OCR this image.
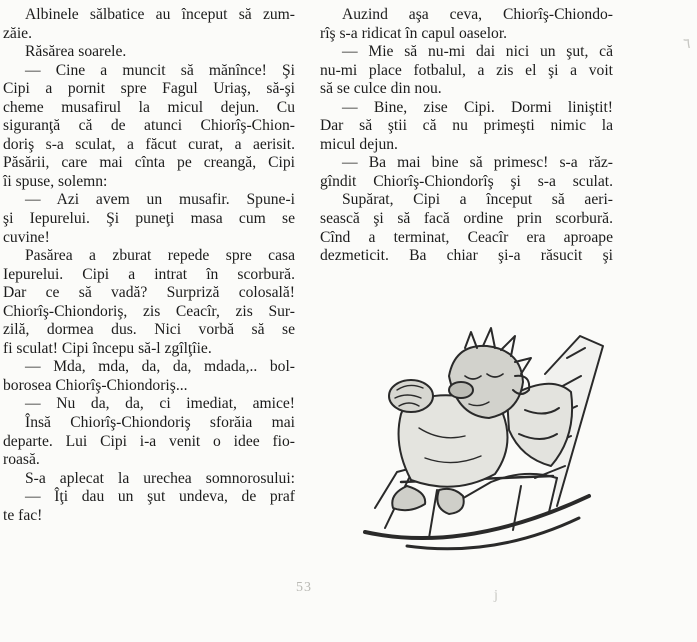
Albinele sălbatice au început să zum-
zăie.
Răsărea soarele.
— Cine a muncit să mănînce! Şi
Cipi a pornit spre Fagul Uriaş, să-şi
cheme musafirul la micul dejun. Cu
siguranţă că de atunci Chiorîş-Chion-
doriş s-a sculat, a făcut curat, a aerisit.
Păsării, care mai cînta pe creangă, Cipi
îi spuse, solemn:
— Azi avem un musafir. Spune-i
şi Iepurelui. Şi puneţi masa cum se
cuvine!
Pasărea a zburat repede spre casa
Iepurelui. Cipi a intrat în scorbură.
Dar ce să vadă? Surpriză colosală!
Chiorîş-Chiondoriş, zis Ceacîr, zis Sur-
zilă, dormea dus. Nici vorbă să se
fi sculat! Cipi începu să-l zgîlţîie.
— Mda, mda, da, da, mdada,.. bol-
borosea Chiorîş-Chiondoriş...
— Nu da, da, ci imediat, amice!
Însă Chiorîş-Chiondoriş sforăia mai
departe. Lui Cipi i-a venit o idee fio-
roasă.
S-a aplecat la urechea somnorosului:
— Îţi dau un şut undeva, de praf
te fac!
Auzind aşa ceva, Chiorîş-Chiondo-
rîş s-a ridicat în capul oaselor.
— Mie să nu-mi dai nici un şut, că
nu-mi place fotbalul, a zis el şi a voit
să se culce din nou.
— Bine, zise Cipi. Dormi liniştit!
Dar să ştii că nu primeşti nimic la
micul dejun.
— Ba mai bine să primesc! s-a răz-
gîndit Chiorîş-Chiondorîş şi s-a sculat.
Supărat, Cipi a început să aeri-
sească şi să facă ordine prin scorbură.
Cînd a terminat, Ceacîr era aproape
dezmeticit. Ba chiar şi-a răsucit şi
53
٦
j
